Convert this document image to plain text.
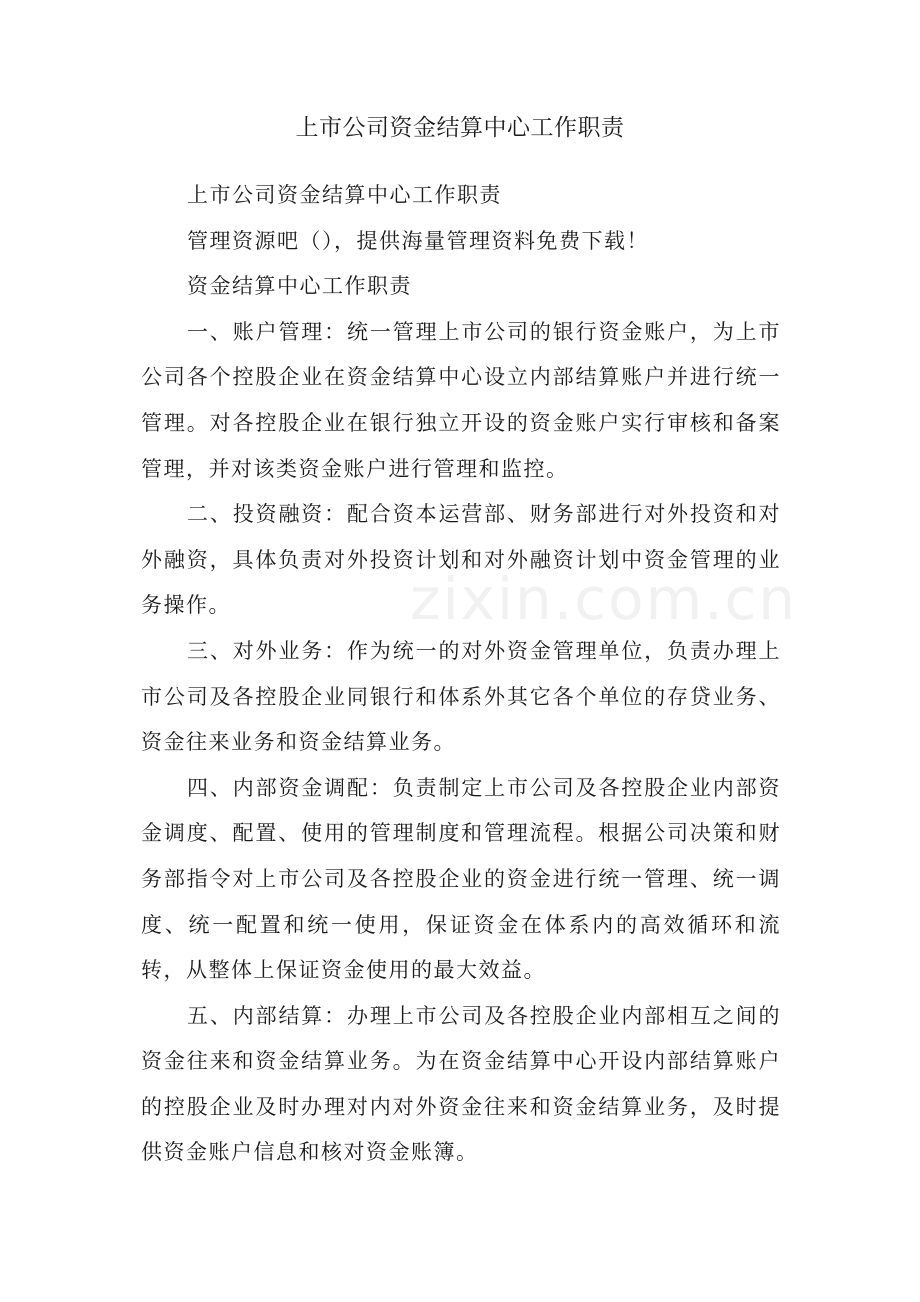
上市公司资金结算中心工作职责

上市公司资金结算中心工作职责

管理资源吧（），提供海量管理资料免费下载！

资金结算中心工作职责

一、账户管理：统一管理上市公司的银行资金账户，为上市公司各个控股企业在资金结算中心设立内部结算账户并进行统一管理。对各控股企业在银行独立开设的资金账户实行审核和备案管理，并对该类资金账户进行管理和监控。

二、投资融资：配合资本运营部、财务部进行对外投资和对外融资，具体负责对外投资计划和对外融资计划中资金管理的业务操作。

三、对外业务：作为统一的对外资金管理单位，负责办理上市公司及各控股企业同银行和体系外其它各个单位的存贷业务、资金往来业务和资金结算业务。

四、内部资金调配：负责制定上市公司及各控股企业内部资金调度、配置、使用的管理制度和管理流程。根据公司决策和财务部指令对上市公司及各控股企业的资金进行统一管理、统一调度、统一配置和统一使用，保证资金在体系内的高效循环和流转，从整体上保证资金使用的最大效益。

五、内部结算：办理上市公司及各控股企业内部相互之间的资金往来和资金结算业务。为在资金结算中心开设内部结算账户的控股企业及时办理对内对外资金往来和资金结算业务，及时提供资金账户信息和核对资金账簿。

zixin.com.cn
